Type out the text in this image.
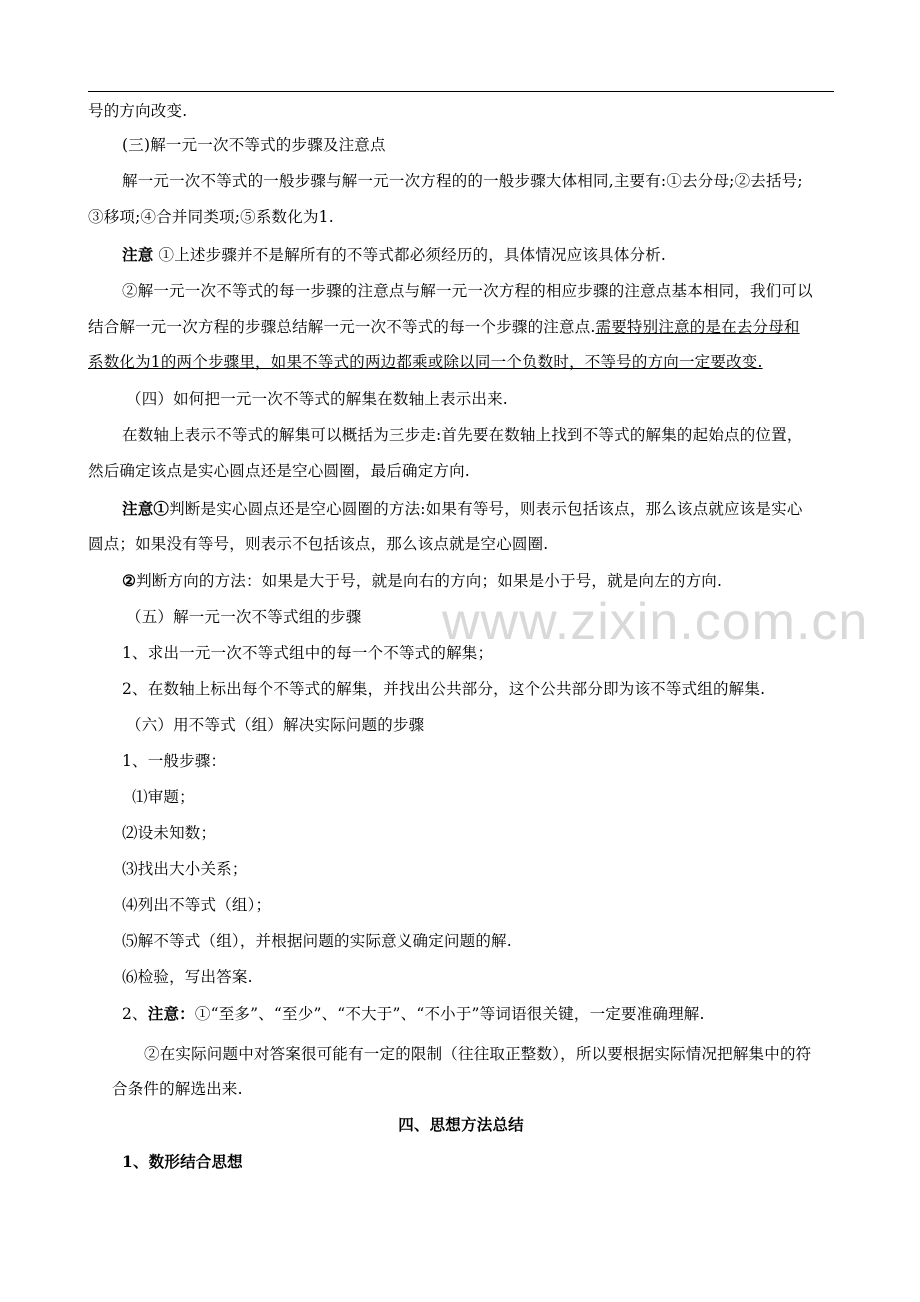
www.zixin.com.cn
号的方向改变.
(三)解一元一次不等式的步骤及注意点
解一元一次不等式的一般步骤与解一元一次方程的的一般步骤大体相同,主要有:①去分母;②去括号;
③移项;④合并同类项;⑤系数化为1.
注意 ①上述步骤并不是解所有的不等式都必须经历的，具体情况应该具体分析.
②解一元一次不等式的每一步骤的注意点与解一元一次方程的相应步骤的注意点基本相同，我们可以
结合解一元一次方程的步骤总结解一元一次不等式的每一个步骤的注意点.需要特别注意的是在去分母和
系数化为1的两个步骤里，如果不等式的两边都乘或除以同一个负数时，不等号的方向一定要改变.
（四）如何把一元一次不等式的解集在数轴上表示出来.
在数轴上表示不等式的解集可以概括为三步走:首先要在数轴上找到不等式的解集的起始点的位置，
然后确定该点是实心圆点还是空心圆圈，最后确定方向.
注意①判断是实心圆点还是空心圆圈的方法:如果有等号，则表示包括该点，那么该点就应该是实心
圆点；如果没有等号，则表示不包括该点，那么该点就是空心圆圈.
②判断方向的方法：如果是大于号，就是向右的方向；如果是小于号，就是向左的方向.
（五）解一元一次不等式组的步骤
1、求出一元一次不等式组中的每一个不等式的解集；
2、在数轴上标出每个不等式的解集，并找出公共部分，这个公共部分即为该不等式组的解集.
（六）用不等式（组）解决实际问题的步骤
1、一般步骤：
⑴审题；
⑵设未知数；
⑶找出大小关系；
⑷列出不等式（组）；
⑸解不等式（组），并根据问题的实际意义确定问题的解.
⑹检验，写出答案.
2、注意：①“至多”、“至少”、“不大于”、“不小于”等词语很关键，一定要准确理解.
②在实际问题中对答案很可能有一定的限制（往往取正整数），所以要根据实际情况把解集中的符
合条件的解选出来.
四、思想方法总结
1、数形结合思想
